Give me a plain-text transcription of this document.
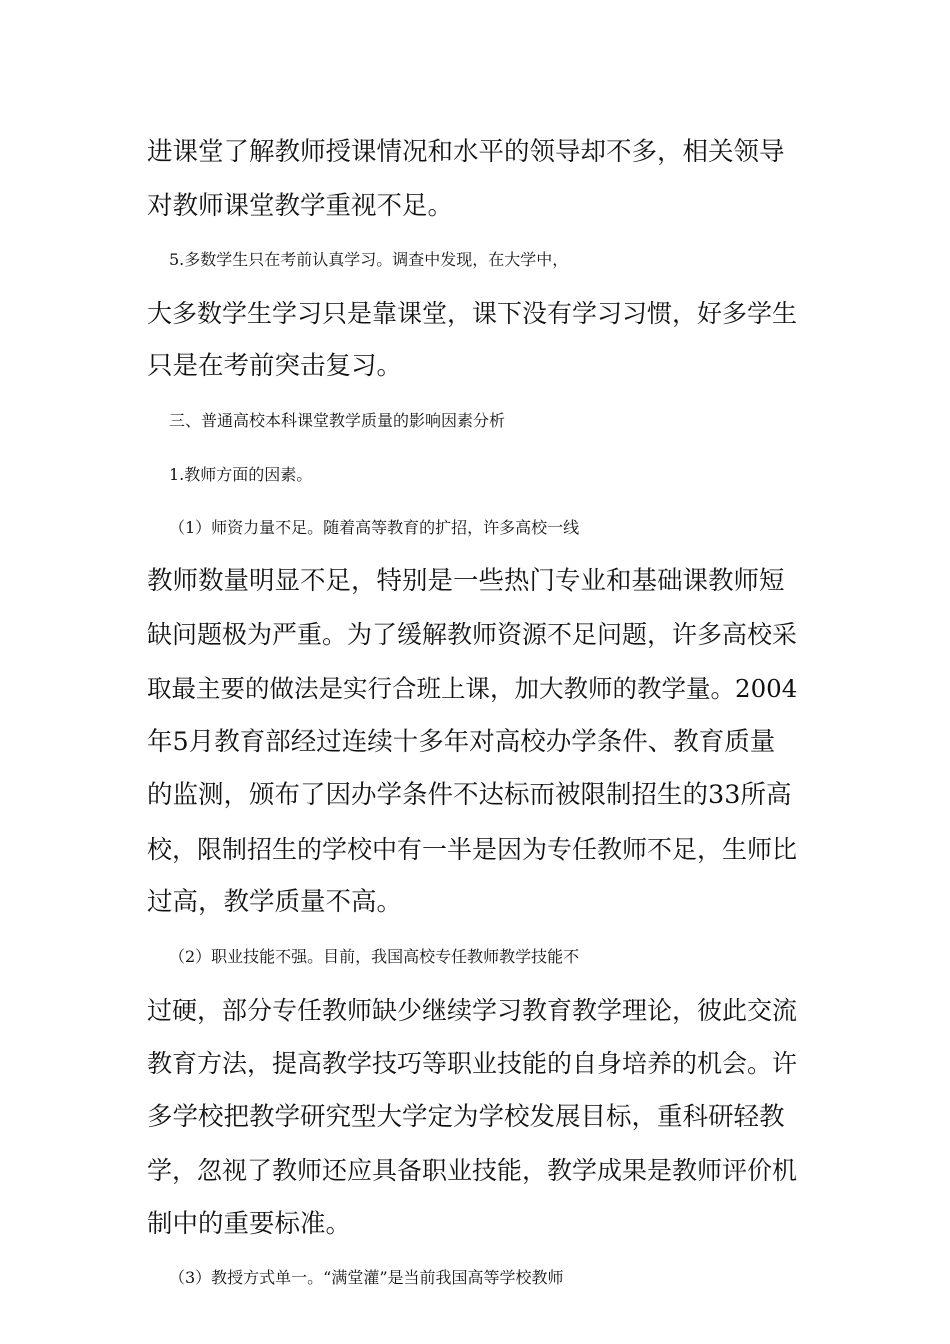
进课堂了解教师授课情况和水平的领导却不多，相关领导
对教师课堂教学重视不足。
5.多数学生只在考前认真学习。调查中发现，在大学中，
大多数学生学习只是靠课堂，课下没有学习习惯，好多学生
只是在考前突击复习。
三、普通高校本科课堂教学质量的影响因素分析
1.教师方面的因素。
（1）师资力量不足。随着高等教育的扩招，许多高校一线
教师数量明显不足，特别是一些热门专业和基础课教师短
缺问题极为严重。为了缓解教师资源不足问题，许多高校采
取最主要的做法是实行合班上课，加大教师的教学量。2004
年5月教育部经过连续十多年对高校办学条件、教育质量
的监测，颁布了因办学条件不达标而被限制招生的33所高
校，限制招生的学校中有一半是因为专任教师不足，生师比
过高，教学质量不高。
（2）职业技能不强。目前，我国高校专任教师教学技能不
过硬，部分专任教师缺少继续学习教育教学理论，彼此交流
教育方法，提高教学技巧等职业技能的自身培养的机会。许
多学校把教学研究型大学定为学校发展目标，重科研轻教
学，忽视了教师还应具备职业技能，教学成果是教师评价机
制中的重要标准。
（3）教授方式单一。“满堂灌”是当前我国高等学校教师
